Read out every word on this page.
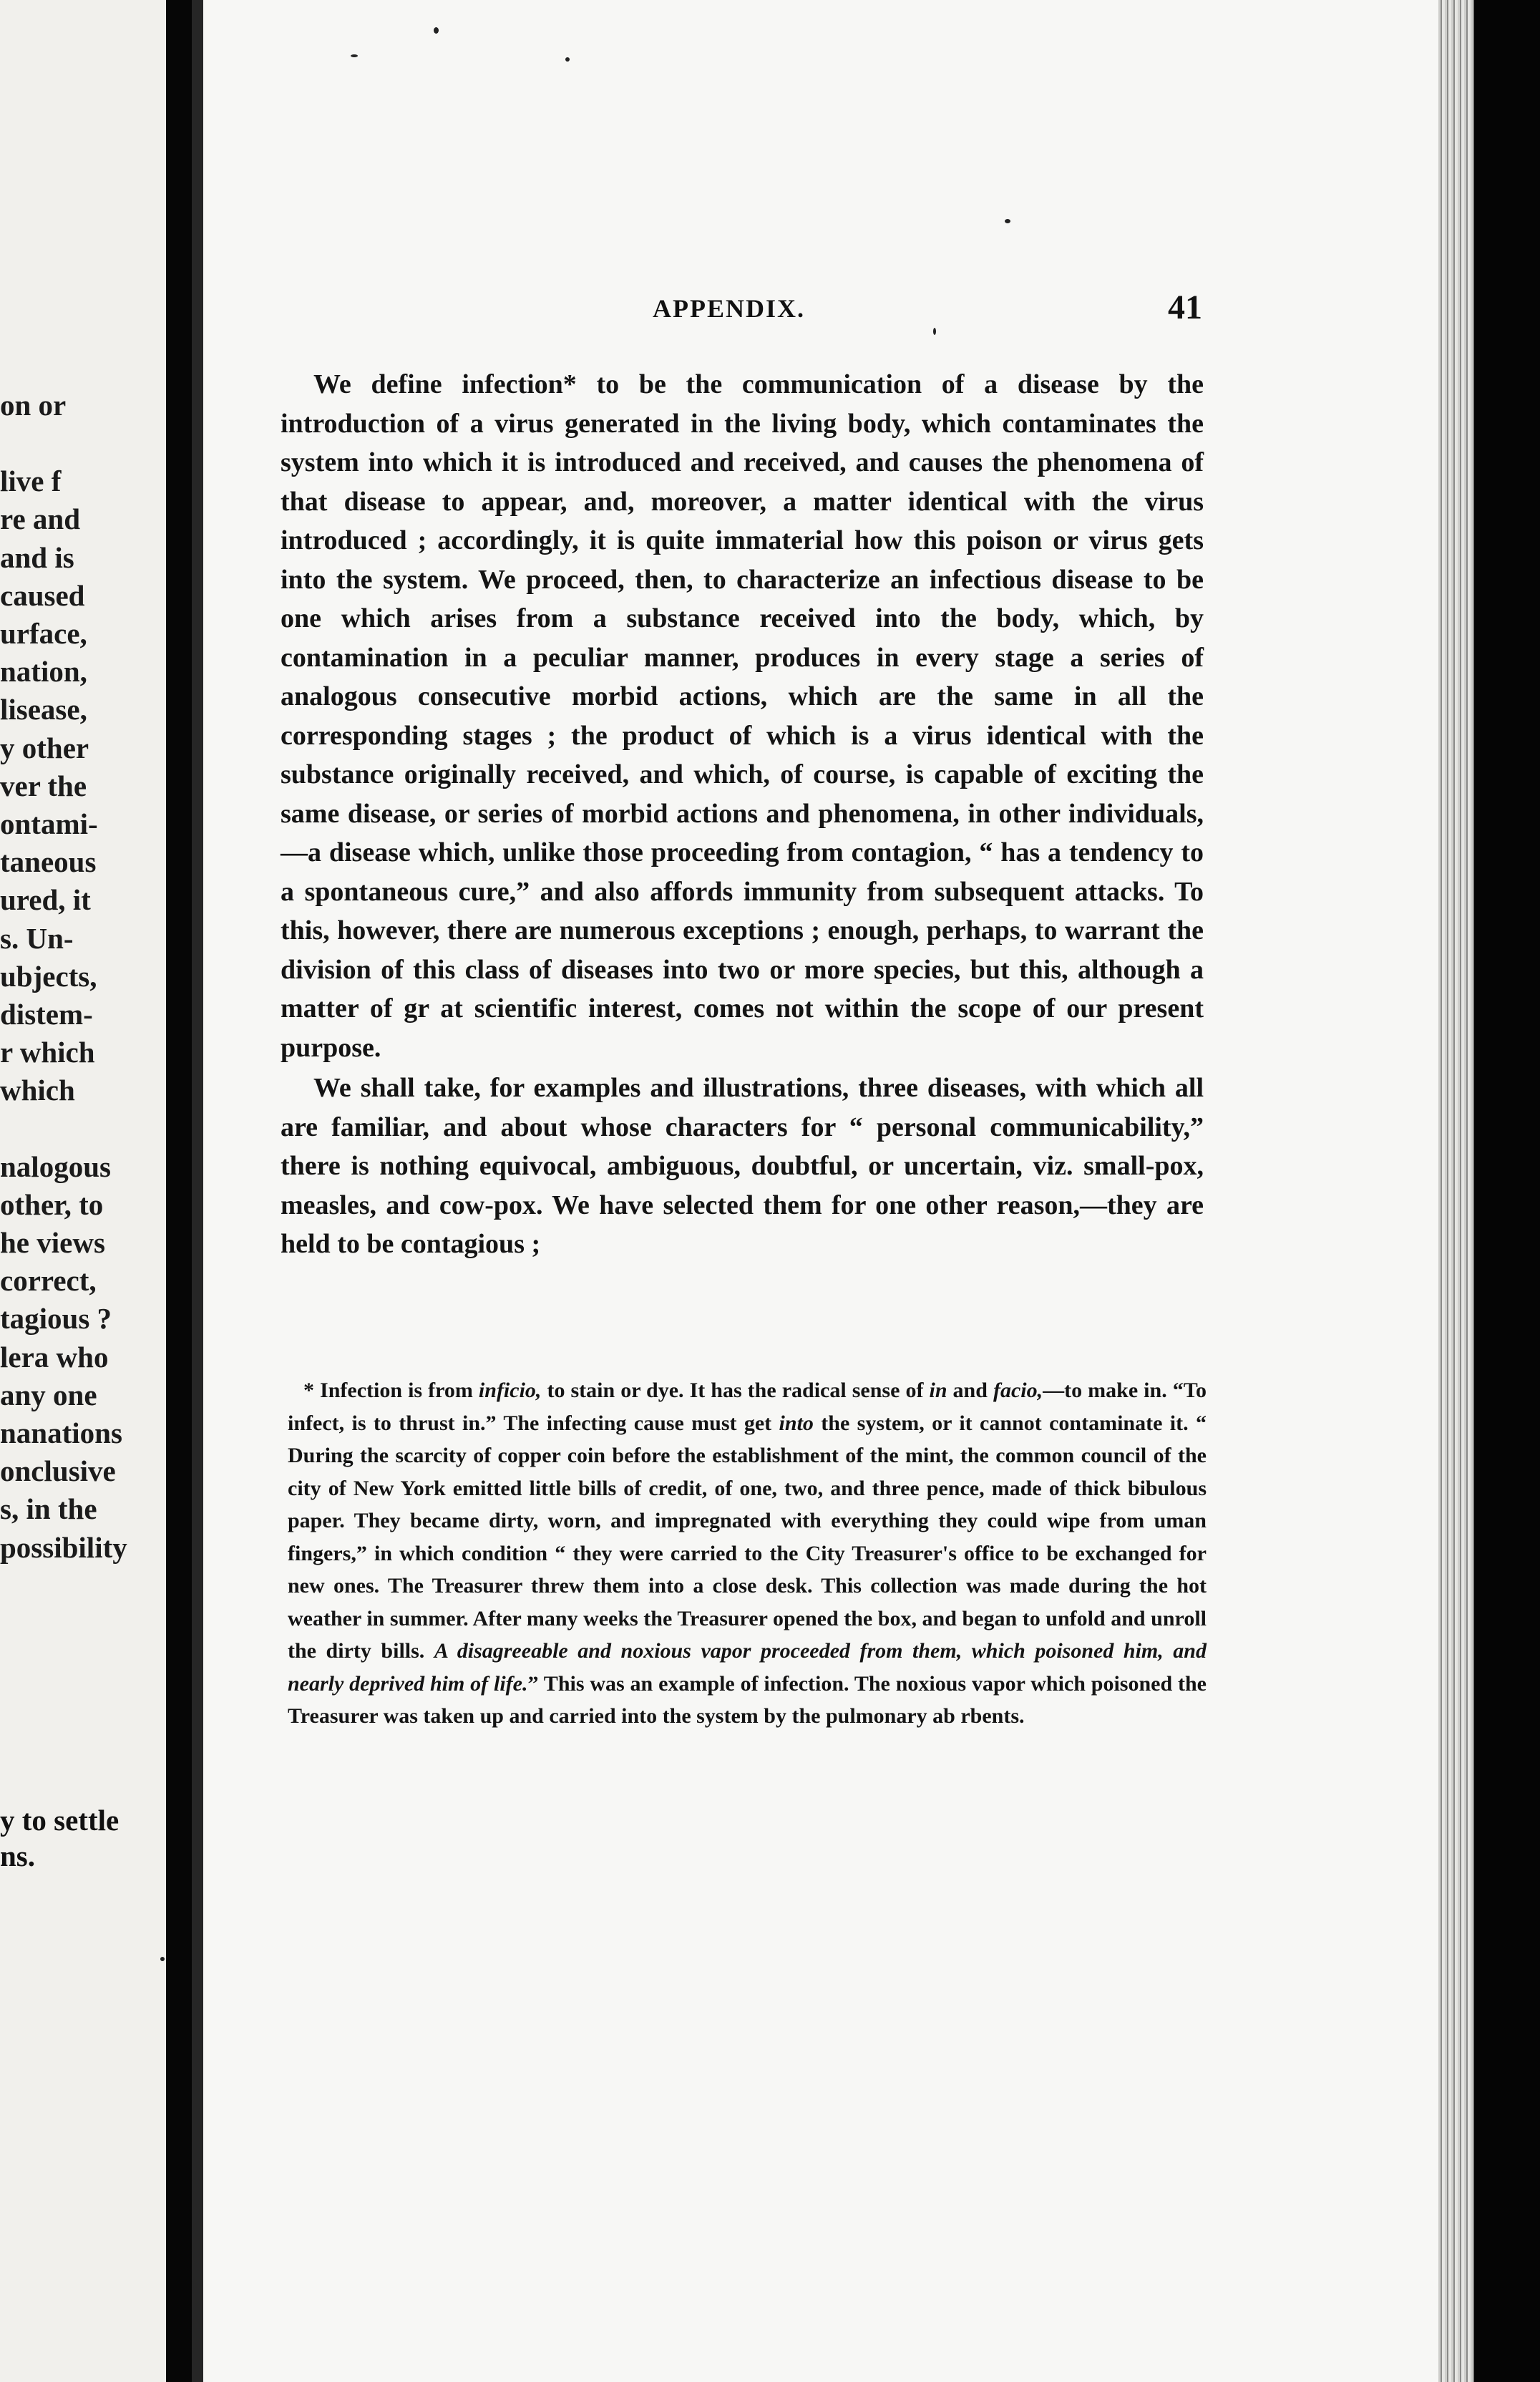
on or
live f
re and
and is
caused
urface,
nation,
lisease,
y other
ver the
ontami-
taneous
ured, it
s. Un-
ubjects,
distem-
r which
which
nalogous
other, to
he views
correct,
tagious ?
lera who
any one
nanations
onclusive
s, in the
possibility
y to settle
ns.
APPENDIX.	41

We define infection* to be the communication of a disease by the introduction of a virus generated in the living body, which contaminates the system into which it is introduced and received, and causes the phenomena of that disease to appear, and, moreover, a matter identical with the virus introduced ; accordingly, it is quite immaterial how this poison or virus gets into the system. We proceed, then, to characterize an infectious disease to be one which arises from a substance received into the body, which, by contamination in a peculiar manner, produces in every stage a series of analogous consecutive morbid actions, which are the same in all the corresponding stages ; the product of which is a virus identical with the substance originally received, and which, of course, is capable of exciting the same disease, or series of morbid actions and phenomena, in other individuals,—a disease which, unlike those proceeding from contagion, “ has a tendency to a spontaneous cure,” and also affords immunity from subsequent attacks. To this, however, there are numerous exceptions ; enough, perhaps, to warrant the division of this class of diseases into two or more species, but this, although a matter of gr at scientific interest, comes not within the scope of our present purpose.

We shall take, for examples and illustrations, three diseases, with which all are familiar, and about whose characters for “ personal communicability,” there is nothing equivocal, ambiguous, doubtful, or uncertain, viz. small-pox, measles, and cow-pox. We have selected them for one other reason,—they are held to be contagious ;

* Infection is from inficio, to stain or dye. It has the radical sense of in and facio,—to make in. “To infect, is to thrust in.” The infecting cause must get into the system, or it cannot contaminate it. “ During the scarcity of copper coin before the establishment of the mint, the common council of the city of New York emitted little bills of credit, of one, two, and three pence, made of thick bibulous paper. They became dirty, worn, and impregnated with everything they could wipe from uman fingers,” in which condition “ they were carried to the City Treasurer's office to be exchanged for new ones. The Treasurer threw them into a close desk. This collection was made during the hot weather in summer. After many weeks the Treasurer opened the box, and began to unfold and unroll the dirty bills. A disagreeable and noxious vapor proceeded from them, which poisoned him, and nearly deprived him of life.” This was an example of infection. The noxious vapor which poisoned the Treasurer was taken up and carried into the system by the pulmonary ab rbents.
